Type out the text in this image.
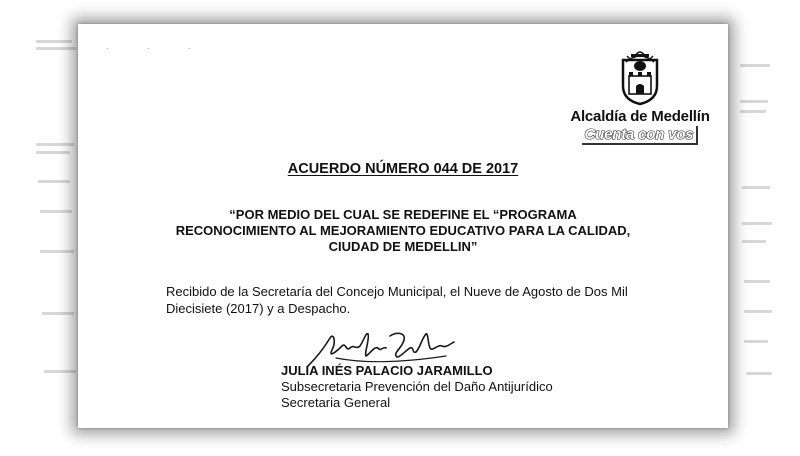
· · ·
Alcaldía de Medellín
Cuenta con vos
ACUERDO NÚMERO 044 DE 2017
“POR MEDIO DEL CUAL SE REDEFINE EL “PROGRAMA
RECONOCIMIENTO AL MEJORAMIENTO EDUCATIVO PARA LA CALIDAD,
CIUDAD DE MEDELLIN”
Recibido de la Secretaría del Concejo Municipal, el Nueve de Agosto de Dos Mil
Diecisiete (2017) y a Despacho.
JULIA INÉS PALACIO JARAMILLO
Subsecretaria Prevención del Daño Antijurídico
Secretaria General
